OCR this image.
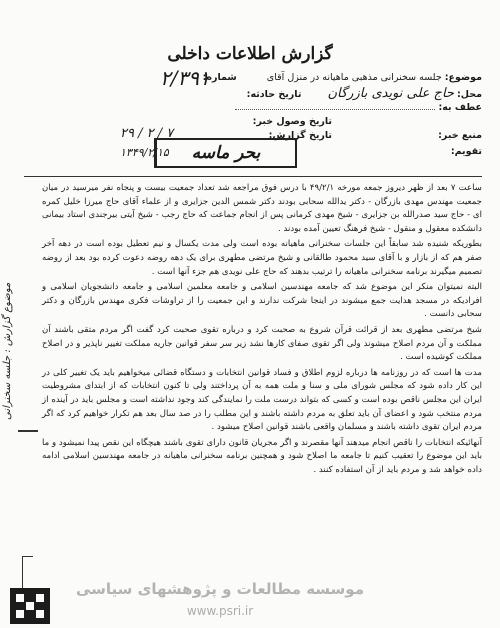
گزارش اطلاعات داخلی
۲/۳۹۱	موضوع: جلسه سخنرانی مذهبی ماهیانه در منزل آقای  شماره:
محل: حاج علی نویدی بازرگان  تاریخ حادثه:
عطف به:
تاریخ وصول خبر:
منبع خبر:
تاریخ گزارش:
تقویم:
۲۹ / ۲ / ۷
۱۳۴۹/۲/۱۵	بحر ماسه

ساعت ۷ بعد از ظهر دیروز جمعه مورخه ۴۹/۲/۱ با درس فوق مراجعه شد تعداد جمعیت بیست و پنجاه نفر میرسید در میان جمعیت مهندس مهدی بازرگان - دکتر یدالله سحابی بودند دکتر شمس الدین جزایری و از علماء آقای حاج میرزا خلیل کمره ای - حاج سید صدرالله بن جزایری - شیخ مهدی کرمانی پس از انجام جماعت که حاج رجب - شیخ آیتی بیرجندی استاد بیمانی دانشکده معقول و منقول - شیخ فرهنگ تعیین آمده بودند .

بطوریکه شنیده شد سابقاً این جلسات سخنرانی ماهیانه بوده است ولی مدت یکسال و نیم تعطیل بوده است در دهه آخر صفر هم که از بازار و با آقای سید محمود طالقانی و شیخ مرتضی مطهری برای یک دهه روضه دعوت کرده بود بعد از روضه تصمیم میگیرند برنامه سخنرانی ماهیانه را ترتیب بدهند که حاج علی نویدی هم جزء آنها است .

البته نمیتوان منکر این موضوع شد که جامعه مهندسین اسلامی و جامعه معلمین اسلامی و جامعه دانشجویان اسلامی و افرادیکه در مسجد هدایت جمع میشوند در اینجا شرکت ندارند و این جمعیت را از تراوشات فکری مهندس بازرگان و دکتر سحابی دانست .

شیخ مرتضی مطهری بعد از قرائت قرآن شروع به صحبت کرد و درباره تقوی صحبت کرد گفت اگر مردم متقی باشند آن مملکت و آن مردم اصلاح میشوند ولی اگر تقوی صفای کارها نشد زیر سر سفر قوانین جاریه مملکت تغییر ناپذیر و در اصلاح مملکت کوشیده است .

مدت ها است که در روزنامه ها درباره لزوم اطلاق و فساد قوانین انتخابات و دستگاه قضائی میخواهیم باید یک تغییر کلی در این کار داده شود که مجلس شورای ملی و سنا و ملت همه به آن پرداختند ولی تا کنون انتخابات که از ابتدای مشروطیت ایران این مجلس ناقص بوده است و کسی که بتواند درست ملت را نمایندگی کند وجود نداشته است و مجلس باید در آینده از مردم منتخب شود و اعضای آن باید تعلق به مردم داشته باشند و این مطلب را در صد سال بعد هم تکرار خواهیم کرد که اگر مردم ایران تقوی داشته باشند و مسلمان واقعی باشند قوانین اصلاح میشود .

آنهائیکه انتخابات را ناقص انجام میدهند آنها مقصرند و اگر مجریان قانون دارای تقوی باشند هیچگاه این نقص پیدا نمیشود و ما باید این موضوع را تعقیب کنیم تا جامعه ما اصلاح شود و همچنین برنامه سخنرانی ماهیانه در جامعه مهندسین اسلامی ادامه داده خواهد شد و مردم باید از آن استفاده کنند .

موضوع گزارش : جلسه سخنرانی
موسسه مطالعات و پژوهشهای سیاسی
www.psri.ir
